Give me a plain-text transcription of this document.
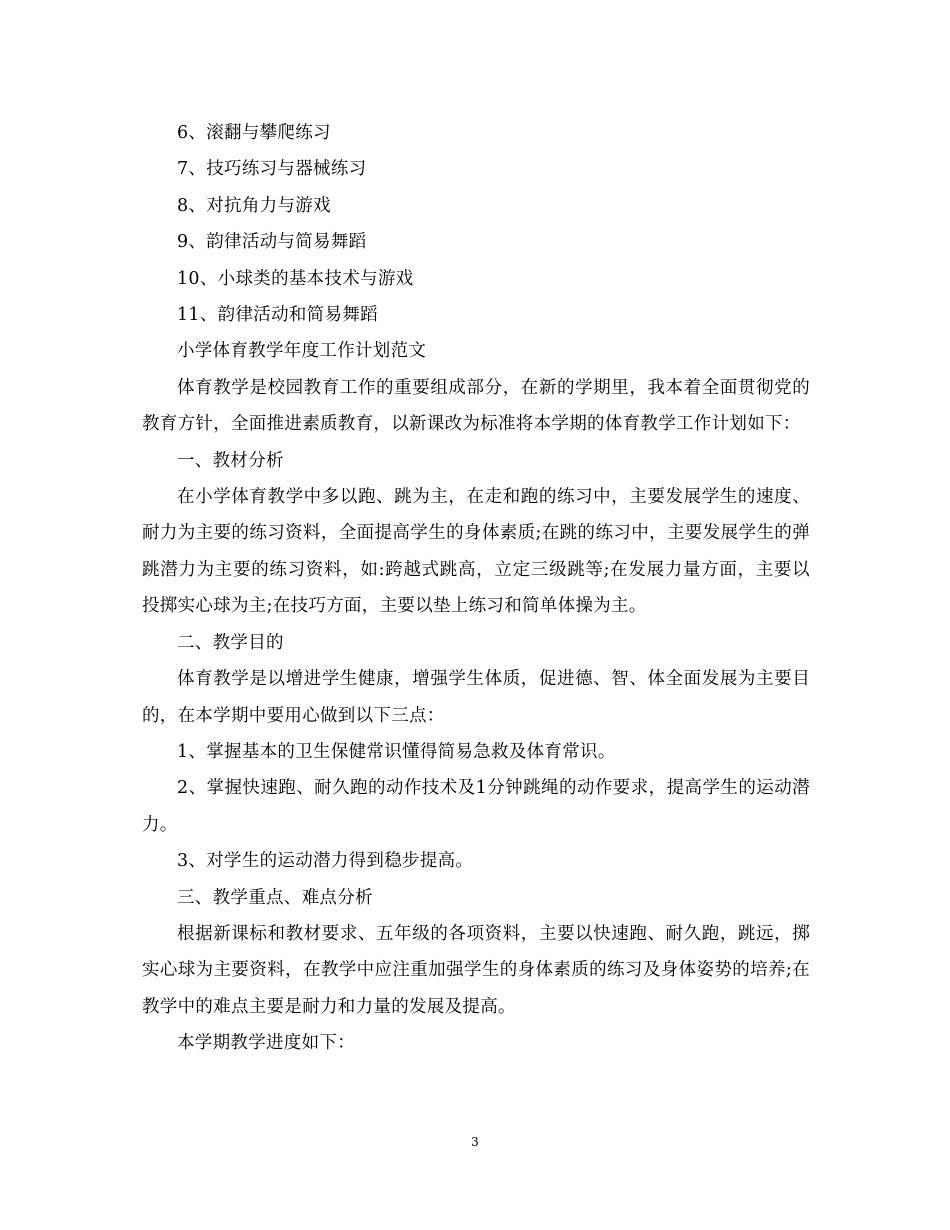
6、滚翻与攀爬练习

7、技巧练习与器械练习

8、对抗角力与游戏

9、韵律活动与简易舞蹈

10、小球类的基本技术与游戏

11、韵律活动和简易舞蹈

小学体育教学年度工作计划范文

体育教学是校园教育工作的重要组成部分，在新的学期里，我本着全面贯彻党的教育方针，全面推进素质教育，以新课改为标准将本学期的体育教学工作计划如下：

一、教材分析

在小学体育教学中多以跑、跳为主，在走和跑的练习中，主要发展学生的速度、耐力为主要的练习资料，全面提高学生的身体素质;在跳的练习中，主要发展学生的弹跳潜力为主要的练习资料，如:跨越式跳高，立定三级跳等;在发展力量方面，主要以投掷实心球为主;在技巧方面，主要以垫上练习和简单体操为主。

二、教学目的

体育教学是以增进学生健康，增强学生体质，促进德、智、体全面发展为主要目的，在本学期中要用心做到以下三点：

1、掌握基本的卫生保健常识懂得简易急救及体育常识。

2、掌握快速跑、耐久跑的动作技术及1分钟跳绳的动作要求，提高学生的运动潜力。

3、对学生的运动潜力得到稳步提高。

三、教学重点、难点分析

根据新课标和教材要求、五年级的各项资料，主要以快速跑、耐久跑，跳远，掷实心球为主要资料，在教学中应注重加强学生的身体素质的练习及身体姿势的培养;在教学中的难点主要是耐力和力量的发展及提高。

本学期教学进度如下：

3
